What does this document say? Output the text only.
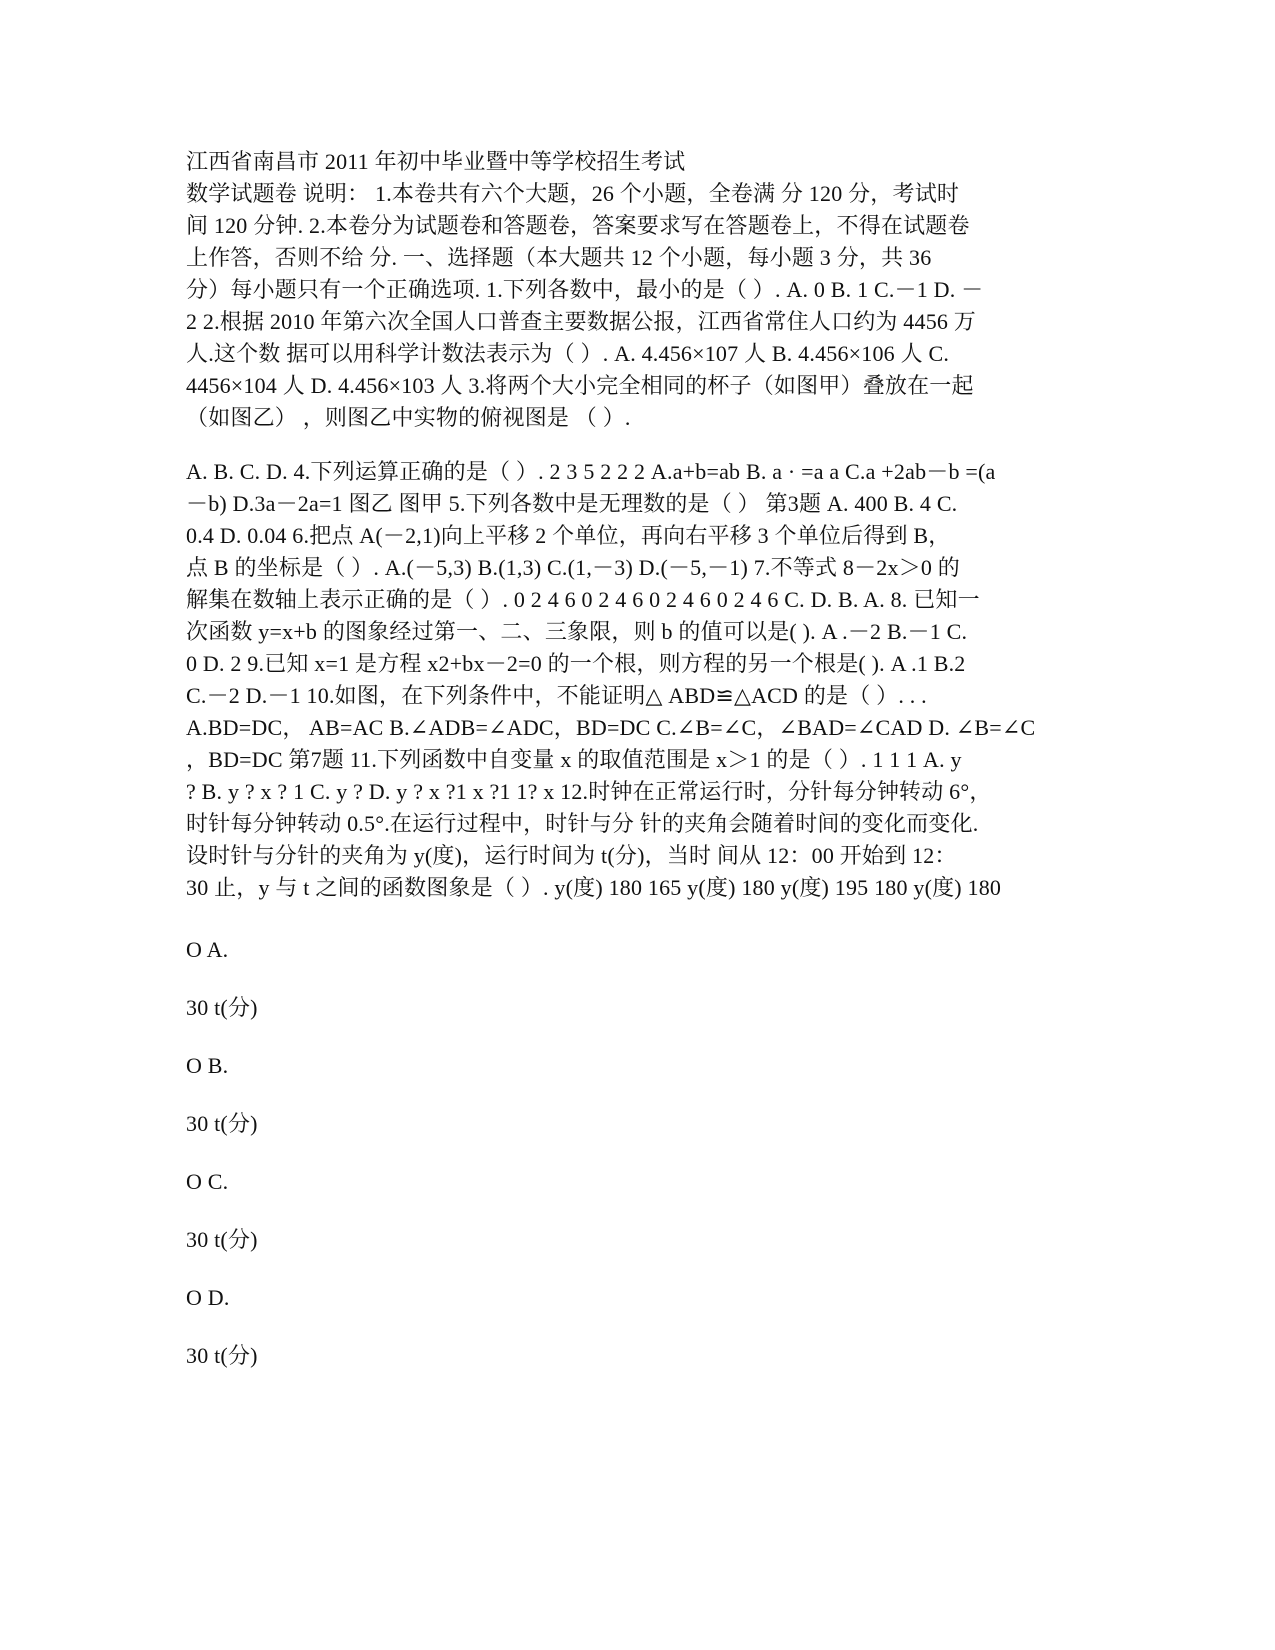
江西省南昌市 2011 年初中毕业暨中等学校招生考试

数学试题卷 说明： 1.本卷共有六个大题，26 个小题，全卷满 分 120 分，考试时

间 120 分钟. 2.本卷分为试题卷和答题卷，答案要求写在答题卷上，不得在试题卷

上作答，否则不给 分. 一、选择题（本大题共 12 个小题，每小题 3 分，共 36

分）每小题只有一个正确选项. 1.下列各数中，最小的是（ ）. A. 0 B. 1 C.－1 D. －

2 2.根据 2010 年第六次全国人口普查主要数据公报，江西省常住人口约为 4456 万

人.这个数 据可以用科学计数法表示为（ ）. A. 4.456×107 人 B. 4.456×106 人 C.

4456×104 人 D. 4.456×103 人 3.将两个大小完全相同的杯子（如图甲）叠放在一起

（如图乙） ，则图乙中实物的俯视图是 （ ）.

A. B. C. D. 4.下列运算正确的是（ ）. 2 3 5 2 2 2 A.a+b=ab B. a · =a a C.a +2ab－b =(a

－b) D.3a－2a=1 图乙 图甲 5.下列各数中是无理数的是（ ） 第3题 A. 400 B. 4 C.

0.4 D. 0.04 6.把点 A(－2,1)向上平移 2 个单位，再向右平移 3 个单位后得到 B，

点 B 的坐标是（ ）. A.(－5,3) B.(1,3) C.(1,－3) D.(－5,－1) 7.不等式 8－2x＞0 的

解集在数轴上表示正确的是（ ）. 0 2 4 6 0 2 4 6 0 2 4 6 0 2 4 6 C. D. B. A. 8. 已知一

次函数 y=x+b 的图象经过第一、二、三象限，则 b 的值可以是( ). A .－2 B.－1 C.

0 D. 2 9.已知 x=1 是方程 x2+bx－2=0 的一个根，则方程的另一个根是( ). A .1 B.2

C.－2 D.－1 10.如图，在下列条件中，不能证明△ ABD≌△ACD 的是（ ）. . .

A.BD=DC， AB=AC B.∠ADB=∠ADC，BD=DC C.∠B=∠C，∠BAD=∠CAD D. ∠B=∠C

，BD=DC 第7题 11.下列函数中自变量 x 的取值范围是 x＞1 的是（ ）. 1 1 1 A. y

? B. y ? x ? 1 C. y ? D. y ? x ?1 x ?1 1? x 12.时钟在正常运行时，分针每分钟转动 6°，

时针每分钟转动 0.5°.在运行过程中，时针与分 针的夹角会随着时间的变化而变化.

设时针与分针的夹角为 y(度)，运行时间为 t(分)，当时 间从 12：00 开始到 12：

30 止，y 与 t 之间的函数图象是（ ）. y(度) 180 165 y(度) 180 y(度) 195 180 y(度) 180

O A.

30 t(分)

O B.

30 t(分)

O C.

30 t(分)

O D.

30 t(分)
